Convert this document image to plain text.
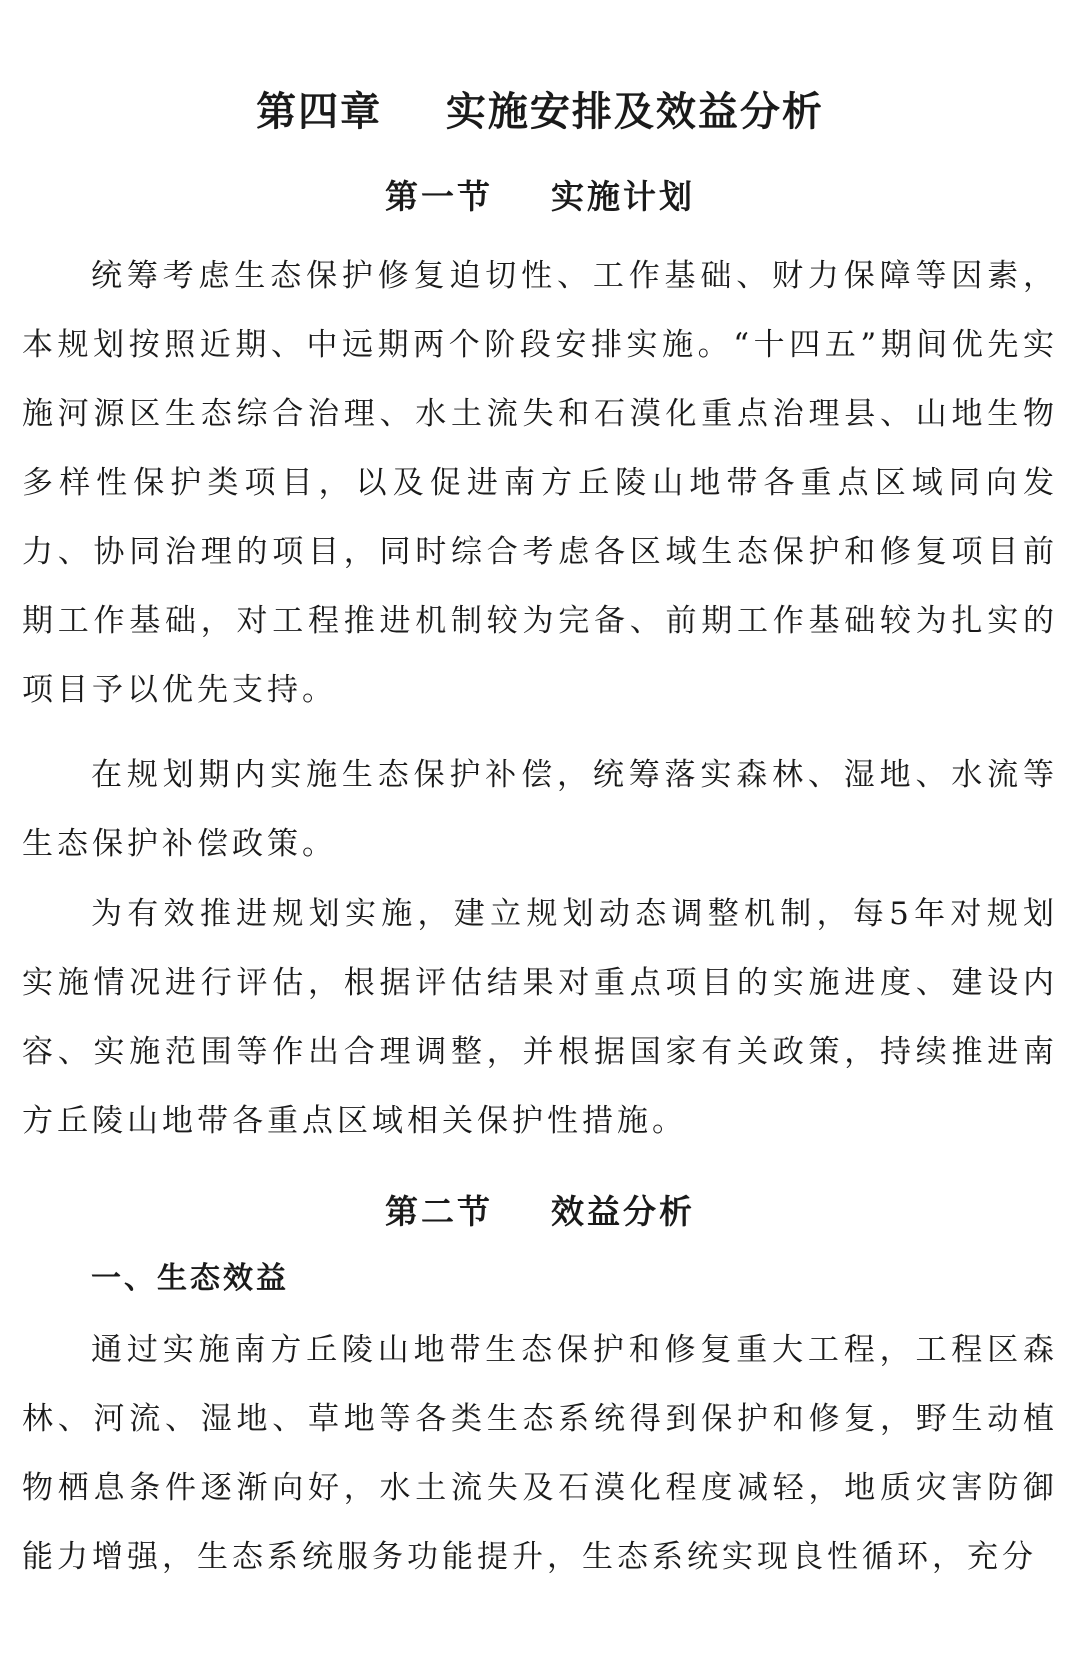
第四章    实施安排及效益分析
第一节    实施计划

统筹考虑生态保护修复迫切性、工作基础、财力保障等因素，本规划按照近期、中远期两个阶段安排实施。“十四五”期间优先实施河源区生态综合治理、水土流失和石漠化重点治理县、山地生物多样性保护类项目，以及促进南方丘陵山地带各重点区域同向发力、协同治理的项目，同时综合考虑各区域生态保护和修复项目前期工作基础，对工程推进机制较为完备、前期工作基础较为扎实的项目予以优先支持。

在规划期内实施生态保护补偿，统筹落实森林、湿地、水流等生态保护补偿政策。

为有效推进规划实施，建立规划动态调整机制，每5年对规划实施情况进行评估，根据评估结果对重点项目的实施进度、建设内容、实施范围等作出合理调整，并根据国家有关政策，持续推进南方丘陵山地带各重点区域相关保护性措施。

第二节    效益分析
一、生态效益

通过实施南方丘陵山地带生态保护和修复重大工程，工程区森林、河流、湿地、草地等各类生态系统得到保护和修复，野生动植物栖息条件逐渐向好，水土流失及石漠化程度减轻，地质灾害防御能力增强，生态系统服务功能提升，生态系统实现良性循环，充分
